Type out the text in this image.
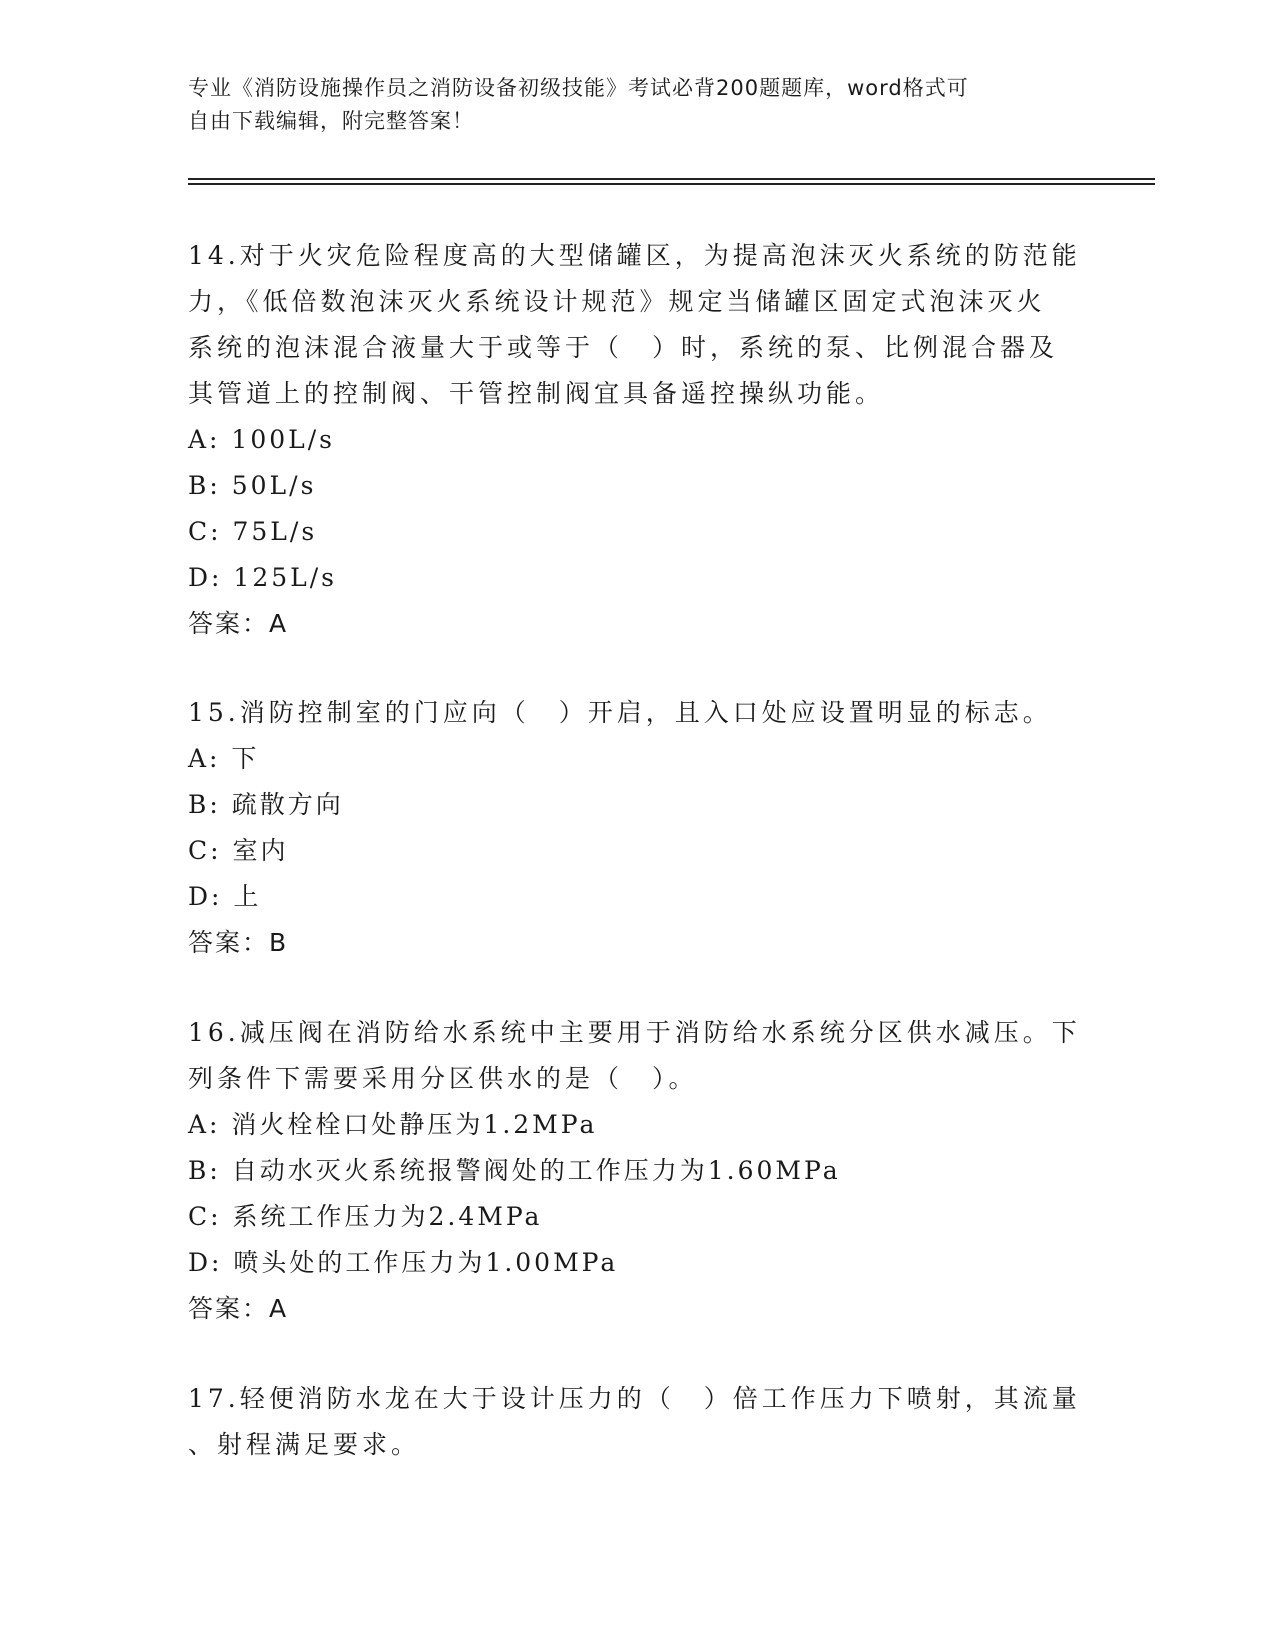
专业《消防设施操作员之消防设备初级技能》考试必背200题题库，word格式可
自由下载编辑，附完整答案！

14.对于火灾危险程度高的大型储罐区，为提高泡沫灭火系统的防范能

力，《低倍数泡沫灭火系统设计规范》规定当储罐区固定式泡沫灭火

系统的泡沫混合液量大于或等于（　）时，系统的泵、比例混合器及

其管道上的控制阀、干管控制阀宜具备遥控操纵功能。

A: 100L/s

B: 50L/s

C: 75L/s

D: 125L/s

答案：A

15.消防控制室的门应向（　）开启，且入口处应设置明显的标志。

A: 下

B: 疏散方向

C: 室内

D: 上

答案：B

16.减压阀在消防给水系统中主要用于消防给水系统分区供水减压。下

列条件下需要采用分区供水的是（　）。

A: 消火栓栓口处静压为1.2MPa

B: 自动水灭火系统报警阀处的工作压力为1.60MPa

C: 系统工作压力为2.4MPa

D: 喷头处的工作压力为1.00MPa

答案：A

17.轻便消防水龙在大于设计压力的（　）倍工作压力下喷射，其流量

、射程满足要求。
